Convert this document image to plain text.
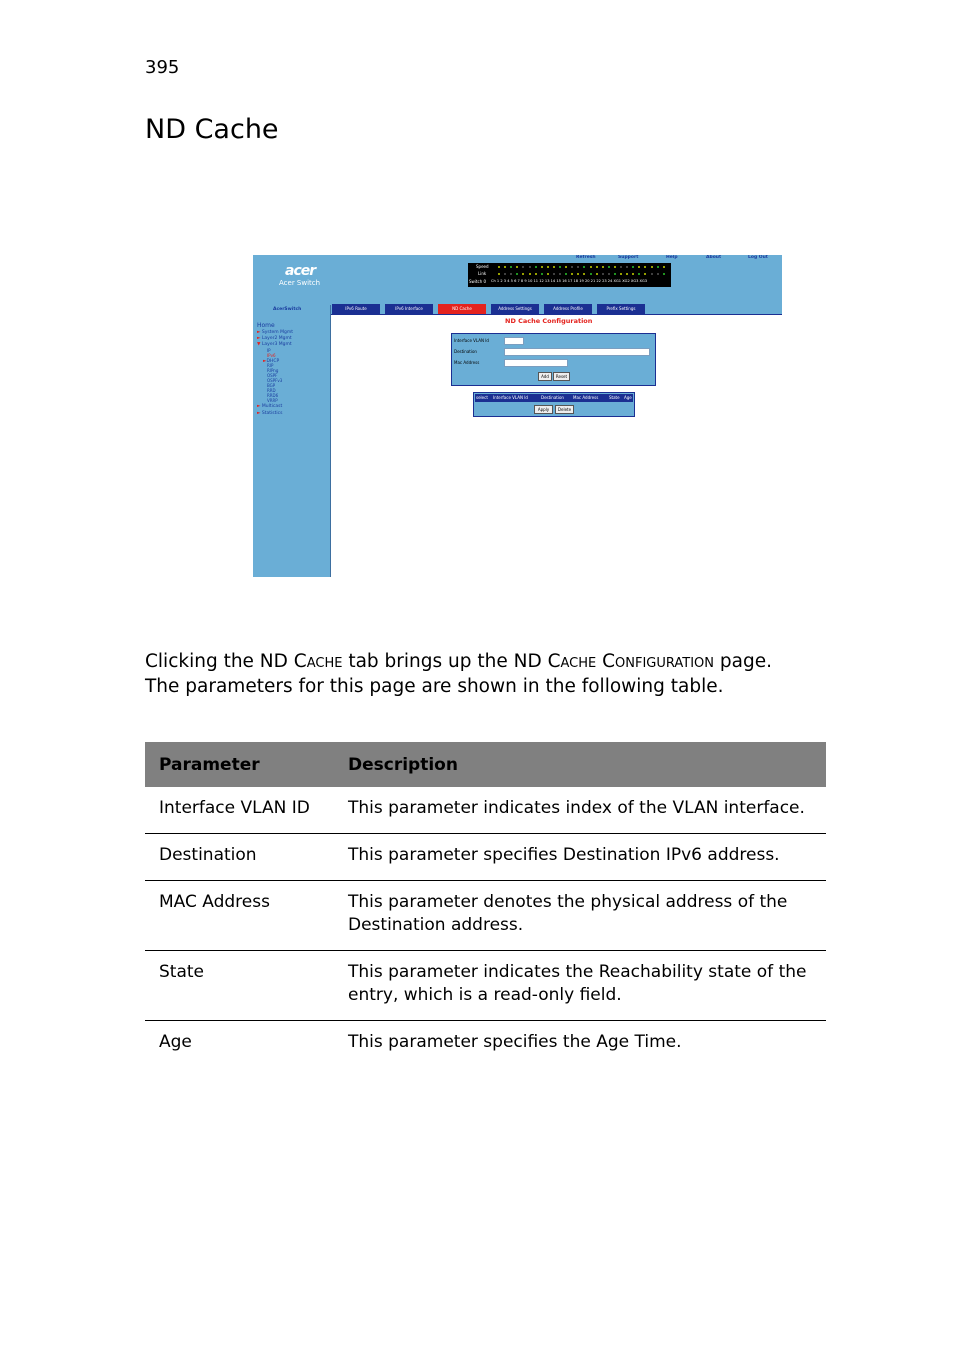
395
ND Cache
acer
Acer Switch
Refresh	Support	Help	About	Log Out
Speed
Link
Switch 0 Ch 1 2 3 4 5 6 7 8 9 10 11 12 13 14 15 16 17 18 19 20 21 22 23 24 XG1 XG2 XG3 XG3
AcerSwitch
Home
► System Mgmt
► Layer2 Mgmt
▼ Layer3 Mgmt
IP
IPv6
►DHCP
RIP
RIPng
OSPF
OSPFv3
BGP
RRD
RRD6
VRRP
► Multicast
► Statistics
IPv6 Route	IPv6 Interface	ND Cache	Address Settings	Address Profile	Prefix Settings
ND Cache Configuration
Interface VLAN Id
Destination
Mac Address
Add	Reset
select Interface VLAN Id	Destination Mac Address	State Age
Apply	Delete

Clicking the ND Cache tab brings up the ND Cache Configuration page.
The parameters for this page are shown in the following table.

Parameter	Description
Interface VLAN ID	This parameter indicates index of the VLAN interface.
Destination	This parameter specifies Destination IPv6 address.
MAC Address	This parameter denotes the physical address of the Destination address.
State	This parameter indicates the Reachability state of the entry, which is a read-only field.
Age	This parameter specifies the Age Time.
